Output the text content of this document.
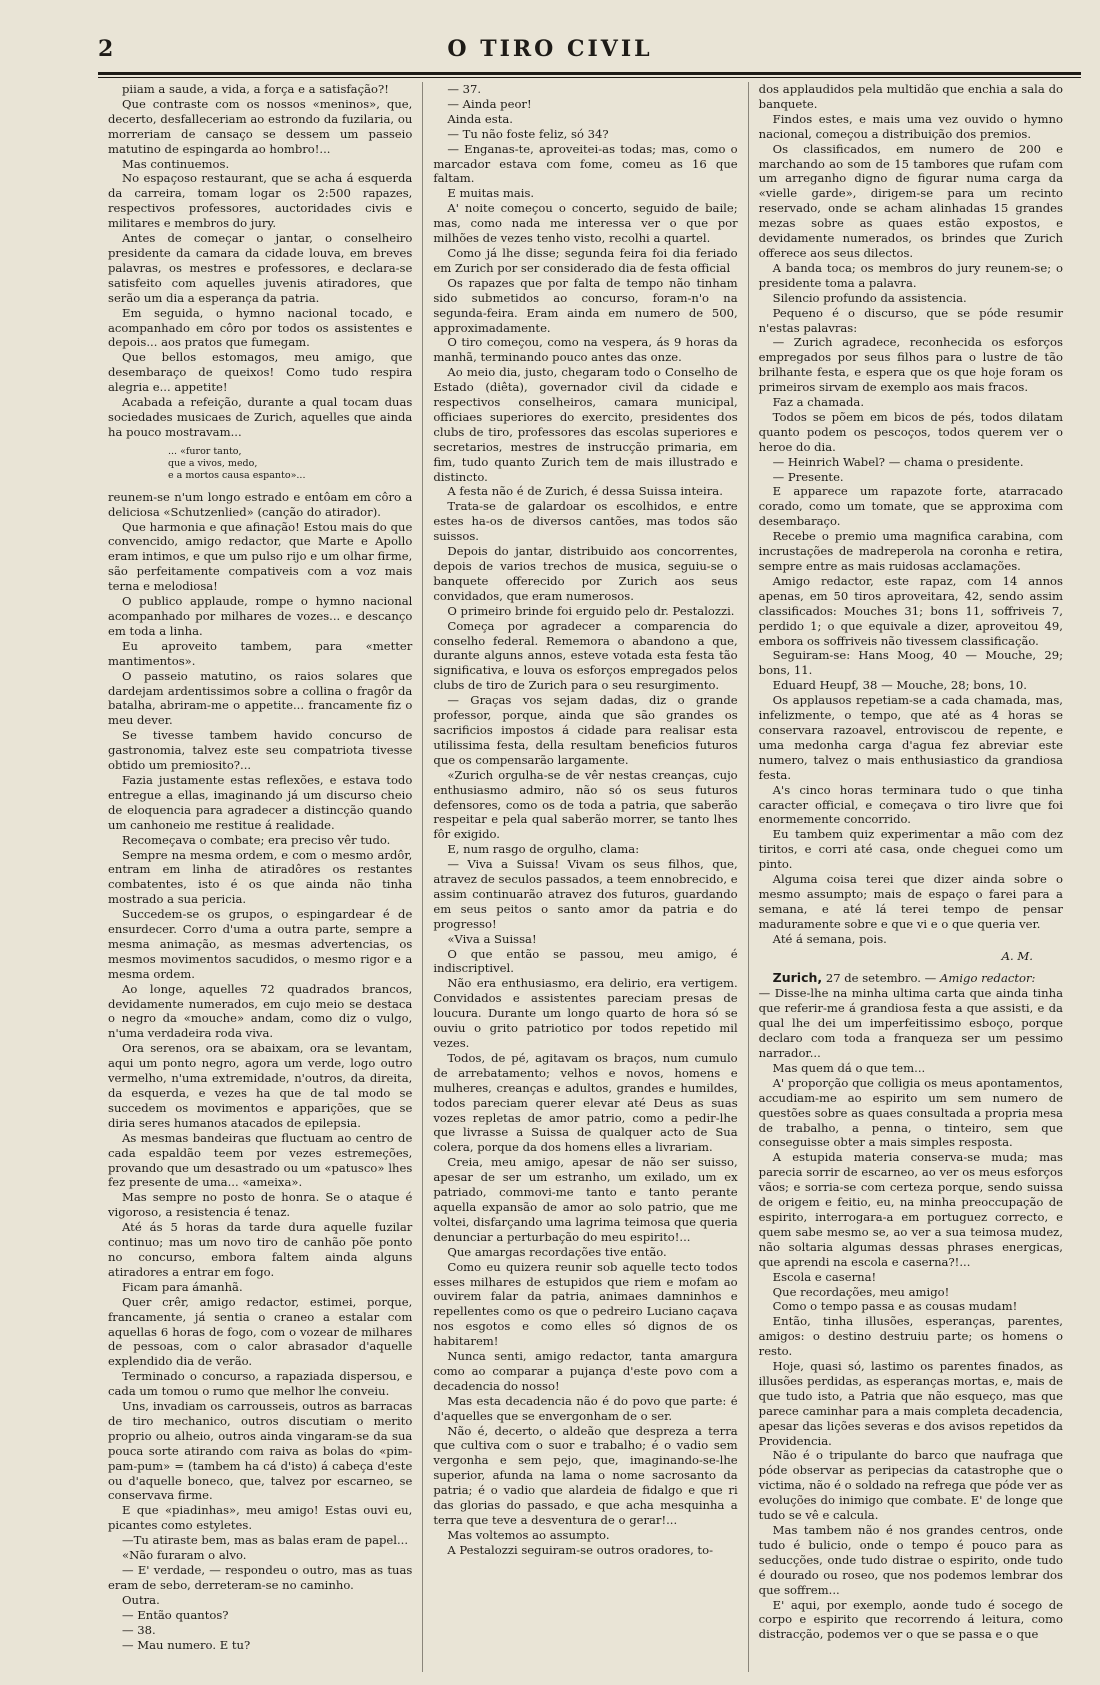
2	O TIRO CIVIL

piiam a saude, a vida, a força e a satisfação?!

Que contraste com os nossos «meninos», que, decerto, desfalleceriam ao estrondo da fuzilaria, ou morreriam de cansaço se dessem um passeio matutino de espingarda ao hombro!...

Mas continuemos.

No espaçoso restaurant, que se acha á esquerda da carreira, tomam logar os 2:500 rapazes, respectivos professores, auctoridades civis e militares e membros do jury.

Antes de começar o jantar, o conselheiro presidente da camara da cidade louva, em breves palavras, os mestres e professores, e declara-se satisfeito com aquelles juvenis atiradores, que serão um dia a esperança da patria.

Em seguida, o hymno nacional tocado, e acompanhado em côro por todos os assistentes e depois... aos pratos que fumegam.

Que bellos estomagos, meu amigo, que desembaraço de queixos! Como tudo respira alegria e... appetite!

Acabada a refeição, durante a qual tocam duas sociedades musicaes de Zurich, aquelles que ainda ha pouco mostravam...

... «furor tanto,

que a vivos, medo,

e a mortos causa espanto»...

reunem-se n'um longo estrado e entôam em côro a deliciosa «Schutzenlied» (canção do atirador).

Que harmonia e que afinação! Estou mais do que convencido, amigo redactor, que Marte e Apollo eram intimos, e que um pulso rijo e um olhar firme, são perfeitamente compativeis com a voz mais terna e melodiosa!

O publico applaude, rompe o hymno nacional acompanhado por milhares de vozes... e descanço em toda a linha.

Eu aproveito tambem, para «metter mantimentos».

O passeio matutino, os raios solares que dardejam ardentissimos sobre a collina o fragôr da batalha, abriram-me o appetite... francamente fiz o meu dever.

Se tivesse tambem havido concurso de gastronomia, talvez este seu compatriota tivesse obtido um premiosito?...

Fazia justamente estas reflexões, e estava todo entregue a ellas, imaginando já um discurso cheio de eloquencia para agradecer a distincção quando um canhoneio me restitue á realidade.

Recomeçava o combate; era preciso vêr tudo.

Sempre na mesma ordem, e com o mesmo ardôr, entram em linha de atiradôres os restantes combatentes, isto é os que ainda não tinha mostrado a sua pericia.

Succedem-se os grupos, o espingardear é de ensurdecer. Corro d'uma a outra parte, sempre a mesma animação, as mesmas advertencias, os mesmos movimentos sacudidos, o mesmo rigor e a mesma ordem.

Ao longe, aquelles 72 quadrados brancos, devidamente numerados, em cujo meio se destaca o negro da «mouche» andam, como diz o vulgo, n'uma verdadeira roda viva.

Ora serenos, ora se abaixam, ora se levantam, aqui um ponto negro, agora um verde, logo outro vermelho, n'uma extremidade, n'outros, da direita, da esquerda, e vezes ha que de tal modo se succedem os movimentos e apparições, que se diria seres humanos atacados de epilepsia.

As mesmas bandeiras que fluctuam ao centro de cada espaldão teem por vezes estremeções, provando que um desastrado ou um «patusco» lhes fez presente de uma... «ameixa».

Mas sempre no posto de honra. Se o ataque é vigoroso, a resistencia é tenaz.

Até ás 5 horas da tarde dura aquelle fuzilar continuo; mas um novo tiro de canhão põe ponto no concurso, embora faltem ainda alguns atiradores a entrar em fogo.

Ficam para ámanhã.

Quer crêr, amigo redactor, estimei, porque, francamente, já sentia o craneo a estalar com aquellas 6 horas de fogo, com o vozear de milhares de pessoas, com o calor abrasador d'aquelle explendido dia de verão.

Terminado o concurso, a rapaziada dispersou, e cada um tomou o rumo que melhor lhe conveiu.

Uns, invadiam os carrousseis, outros as barracas de tiro mechanico, outros discutiam o merito proprio ou alheio, outros ainda vingaram-se da sua pouca sorte atirando com raiva as bolas do «pim-pam-pum» = (tambem ha cá d'isto) á cabeça d'este ou d'aquelle boneco, que, talvez por escarneo, se conservava firme.

E que «piadinhas», meu amigo! Estas ouvi eu, picantes como estyletes.

—Tu atiraste bem, mas as balas eram de papel...

«Não furaram o alvo.

— E' verdade, — respondeu o outro, mas as tuas eram de sebo, derreteram-se no caminho.

Outra.

— Então quantos?

— 38.

— Mau numero. E tu?

— 37.

— Ainda peor!

Ainda esta.

— Tu não foste feliz, só 34?

— Enganas-te, aproveitei-as todas; mas, como o marcador estava com fome, comeu as 16 que faltam.

E muitas mais.

A' noite começou o concerto, seguido de baile; mas, como nada me interessa ver o que por milhões de vezes tenho visto, recolhi a quartel.

Como já lhe disse; segunda feira foi dia feriado em Zurich por ser considerado dia de festa official

Os rapazes que por falta de tempo não tinham sido submetidos ao concurso, foram-n'o na segunda-feira. Eram ainda em numero de 500, approximadamente.

O tiro começou, como na vespera, ás 9 horas da manhã, terminando pouco antes das onze.

Ao meio dia, justo, chegaram todo o Conselho de Estado (diêta), governador civil da cidade e respectivos conselheiros, camara municipal, officiaes superiores do exercito, presidentes dos clubs de tiro, professores das escolas superiores e secretarios, mestres de instrucção primaria, em fim, tudo quanto Zurich tem de mais illustrado e distincto.

A festa não é de Zurich, é dessa Suissa inteira.

Trata-se de galardoar os escolhidos, e entre estes ha-os de diversos cantões, mas todos são suissos.

Depois do jantar, distribuido aos concorrentes, depois de varios trechos de musica, seguiu-se o banquete offerecido por Zurich aos seus convidados, que eram numerosos.

O primeiro brinde foi erguido pelo dr. Pestalozzi.

Começa por agradecer a comparencia do conselho federal. Rememora o abandono a que, durante alguns annos, esteve votada esta festa tão significativa, e louva os esforços empregados pelos clubs de tiro de Zurich para o seu resurgimento.

— Graças vos sejam dadas, diz o grande professor, porque, ainda que são grandes os sacrificios impostos á cidade para realisar esta utilissima festa, della resultam beneficios futuros que os compensarão largamente.

«Zurich orgulha-se de vêr nestas creanças, cujo enthusiasmo admiro, não só os seus futuros defensores, como os de toda a patria, que saberão respeitar e pela qual saberão morrer, se tanto lhes fôr exigido.

E, num rasgo de orgulho, clama:

— Viva a Suissa! Vivam os seus filhos, que, atravez de seculos passados, a teem ennobrecido, e assim continuarão atravez dos futuros, guardando em seus peitos o santo amor da patria e do progresso!

«Viva a Suissa!

O que então se passou, meu amigo, é indiscriptivel.

Não era enthusiasmo, era delirio, era vertigem. Convidados e assistentes pareciam presas de loucura. Durante um longo quarto de hora só se ouviu o grito patriotico por todos repetido mil vezes.

Todos, de pé, agitavam os braços, num cumulo de arrebatamento; velhos e novos, homens e mulheres, creanças e adultos, grandes e humildes, todos pareciam querer elevar até Deus as suas vozes repletas de amor patrio, como a pedir-lhe que livrasse a Suissa de qualquer acto de Sua colera, porque da dos homens elles a livrariam.

Creia, meu amigo, apesar de não ser suisso, apesar de ser um estranho, um exilado, um ex patriado, commovi-me tanto e tanto perante aquella expansão de amor ao solo patrio, que me voltei, disfarçando uma lagrima teimosa que queria denunciar a perturbação do meu espirito!...

Que amargas recordações tive então.

Como eu quizera reunir sob aquelle tecto todos esses milhares de estupidos que riem e mofam ao ouvirem falar da patria, animaes damninhos e repellentes como os que o pedreiro Luciano caçava nos esgotos e como elles só dignos de os habitarem!

Nunca senti, amigo redactor, tanta amargura como ao comparar a pujança d'este povo com a decadencia do nosso!

Mas esta decadencia não é do povo que parte: é d'aquelles que se envergonham de o ser.

Não é, decerto, o aldeão que despreza a terra que cultiva com o suor e trabalho; é o vadio sem vergonha e sem pejo, que, imaginando-se-lhe superior, afunda na lama o nome sacrosanto da patria; é o vadio que alardeia de fidalgo e que ri das glorias do passado, e que acha mesquinha a terra que teve a desventura de o gerar!...

Mas voltemos ao assumpto.

A Pestalozzi seguiram-se outros oradores, to-

dos applaudidos pela multidão que enchia a sala do banquete.

Findos estes, e mais uma vez ouvido o hymno nacional, começou a distribuição dos premios.

Os classificados, em numero de 200 e marchando ao som de 15 tambores que rufam com um arreganho digno de figurar numa carga da «vielle garde», dirigem-se para um recinto reservado, onde se acham alinhadas 15 grandes mezas sobre as quaes estão expostos, e devidamente numerados, os brindes que Zurich offerece aos seus dilectos.

A banda toca; os membros do jury reunem-se; o presidente toma a palavra.

Silencio profundo da assistencia.

Pequeno é o discurso, que se póde resumir n'estas palavras:

— Zurich agradece, reconhecida os esforços empregados por seus filhos para o lustre de tão brilhante festa, e espera que os que hoje foram os primeiros sirvam de exemplo aos mais fracos.

Faz a chamada.

Todos se põem em bicos de pés, todos dilatam quanto podem os pescoços, todos querem ver o heroe do dia.

— Heinrich Wabel? — chama o presidente.

— Presente.

E apparece um rapazote forte, atarracado corado, como um tomate, que se approxima com desembaraço.

Recebe o premio uma magnifica carabina, com incrustações de madreperola na coronha e retira, sempre entre as mais ruidosas acclamações.

Amigo redactor, este rapaz, com 14 annos apenas, em 50 tiros aproveitara, 42, sendo assim classificados: Mouches 31; bons 11, soffriveis 7, perdido 1; o que equivale a dizer, aproveitou 49, embora os soffriveis não tivessem classificação.

Seguiram-se: Hans Moog, 40 — Mouche, 29; bons, 11.

Eduard Heupf, 38 — Mouche, 28; bons, 10.

Os applausos repetiam-se a cada chamada, mas, infelizmente, o tempo, que até as 4 horas se conservara razoavel, entroviscou de repente, e uma medonha carga d'agua fez abreviar este numero, talvez o mais enthusiastico da grandiosa festa.

A's cinco horas terminara tudo o que tinha caracter official, e começava o tiro livre que foi enormemente concorrido.

Eu tambem quiz experimentar a mão com dez tiritos, e corri até casa, onde cheguei como um pinto.

Alguma coisa terei que dizer ainda sobre o mesmo assumpto; mais de espaço o farei para a semana, e até lá terei tempo de pensar maduramente sobre e que vi e o que queria ver.

Até á semana, pois.

A. M.

Zurich, 27 de setembro. — Amigo redactor:

— Disse-lhe na minha ultima carta que ainda tinha que referir-me á grandiosa festa a que assisti, e da qual lhe dei um imperfeitissimo esboço, porque declaro com toda a franqueza ser um pessimo narrador...

Mas quem dá o que tem...

A' proporção que colligia os meus apontamentos, accudiam-me ao espirito um sem numero de questões sobre as quaes consultada a propria mesa de trabalho, a penna, o tinteiro, sem que conseguisse obter a mais simples resposta.

A estupida materia conserva-se muda; mas parecia sorrir de escarneo, ao ver os meus esforços vãos; e sorria-se com certeza porque, sendo suissa de origem e feitio, eu, na minha preoccupação de espirito, interrogara-a em portuguez correcto, e quem sabe mesmo se, ao ver a sua teimosa mudez, não soltaria algumas dessas phrases energicas, que aprendi na escola e caserna?!...

Escola e caserna!

Que recordações, meu amigo!

Como o tempo passa e as cousas mudam!

Então, tinha illusões, esperanças, parentes, amigos: o destino destruiu parte; os homens o resto.

Hoje, quasi só, lastimo os parentes finados, as illusões perdidas, as esperanças mortas, e, mais de que tudo isto, a Patria que não esqueço, mas que parece caminhar para a mais completa decadencia, apesar das lições severas e dos avisos repetidos da Providencia.

Não é o tripulante do barco que naufraga que póde observar as peripecias da catastrophe que o victima, não é o soldado na refrega que póde ver as evoluções do inimigo que combate. E' de longe que tudo se vê e calcula.

Mas tambem não é nos grandes centros, onde tudo é bulicio, onde o tempo é pouco para as seducções, onde tudo distrae o espirito, onde tudo é dourado ou roseo, que nos podemos lembrar dos que soffrem...

E' aqui, por exemplo, aonde tudo é socego de corpo e espirito que recorrendo á leitura, como distracção, podemos ver o que se passa e o que
